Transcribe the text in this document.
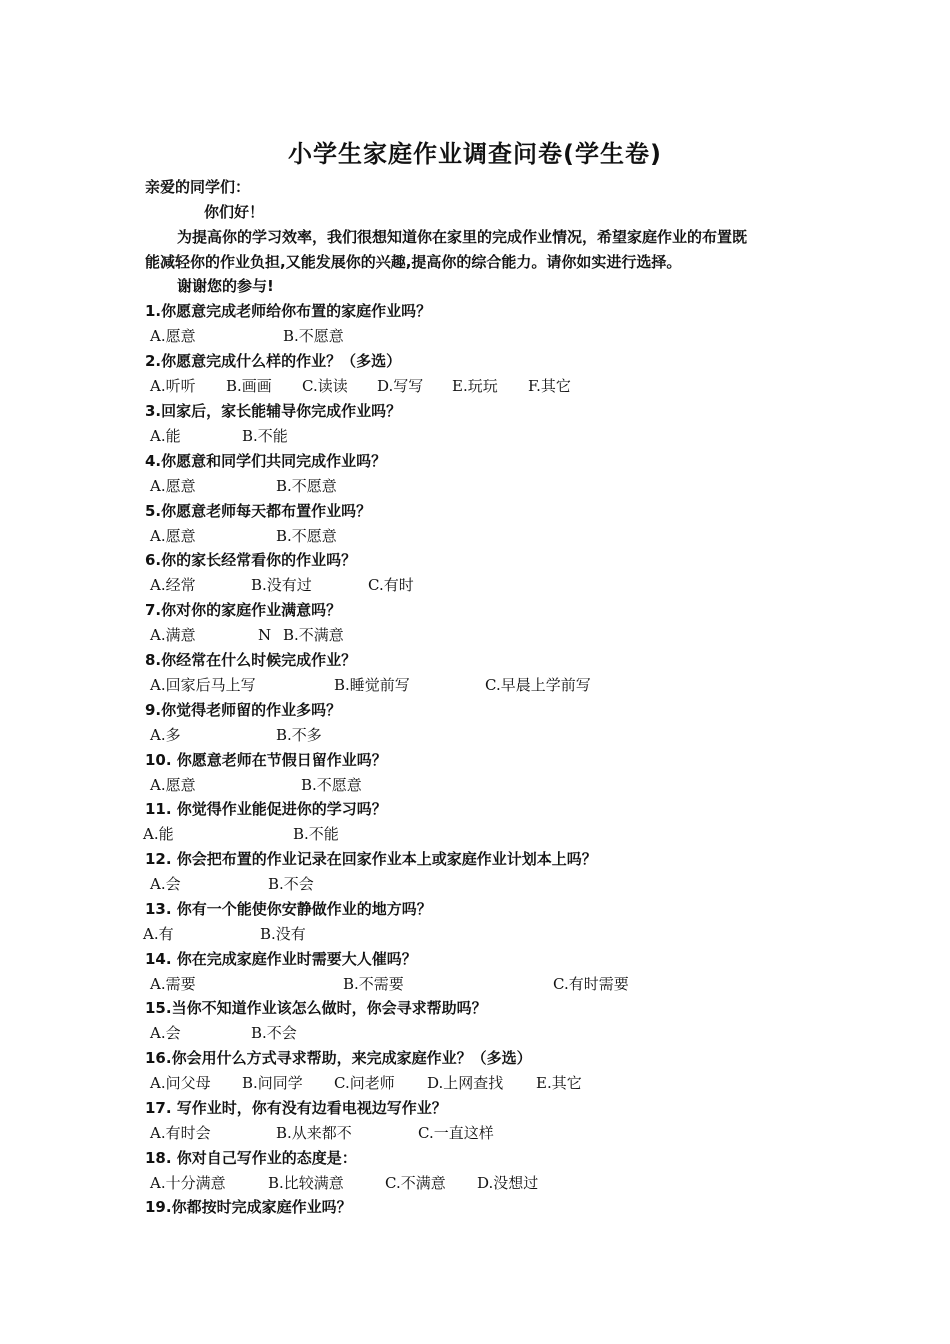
小学生家庭作业调查问卷(学生卷)
亲爱的同学们：
你们好！
为提高你的学习效率，我们很想知道你在家里的完成作业情况，希望家庭作业的布置既
能减轻你的作业负担,又能发展你的兴趣,提高你的综合能力。请你如实进行选择。
谢谢您的参与!
1.你愿意完成老师给你布置的家庭作业吗？
A.愿意	B.不愿意
2.你愿意完成什么样的作业？（多选）
A.听听 B.画画 C.读读 D.写写 E.玩玩 F.其它
3.回家后，家长能辅导你完成作业吗？
A.能	B.不能
4.你愿意和同学们共同完成作业吗？
A.愿意	B.不愿意
5.你愿意老师每天都布置作业吗？
A.愿意	B.不愿意
6.你的家长经常看你的作业吗？
A.经常	B.没有过	C.有时
7.你对你的家庭作业满意吗？
A.满意	N B.不满意
8.你经常在什么时候完成作业？
A.回家后马上写	B.睡觉前写	C.早晨上学前写
9.你觉得老师留的作业多吗？
A.多	B.不多
10. 你愿意老师在节假日留作业吗？
A.愿意	B.不愿意
11. 你觉得作业能促进你的学习吗？
A.能	B.不能
12. 你会把布置的作业记录在回家作业本上或家庭作业计划本上吗？
A.会	B.不会
13. 你有一个能使你安静做作业的地方吗？
A.有	B.没有
14. 你在完成家庭作业时需要大人催吗？
A.需要	B.不需要	C.有时需要
15.当你不知道作业该怎么做时，你会寻求帮助吗？
A.会	B.不会
16.你会用什么方式寻求帮助，来完成家庭作业？（多选）
A.问父母 B.问同学 C.问老师 D.上网查找 E.其它
17. 写作业时，你有没有边看电视边写作业？
A.有时会	B.从来都不	C.一直这样
18. 你对自己写作业的态度是：
A.十分满意	B.比较满意	C.不满意 D.没想过
19.你都按时完成家庭作业吗？
